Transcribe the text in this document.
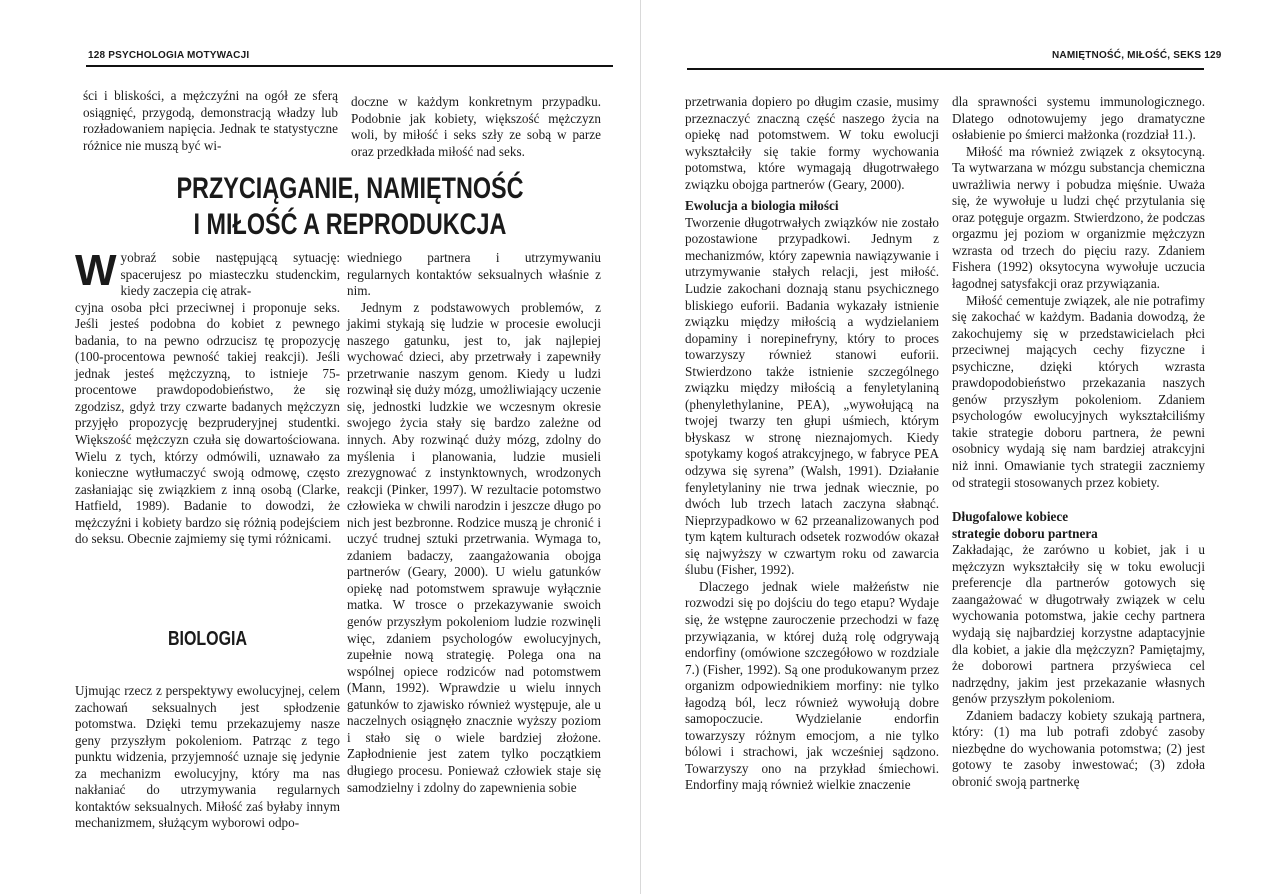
128 PSYCHOLOGIA MOTYWACJI

ści i bliskości, a mężczyźni na ogół ze sferą osiągnięć, przygodą, demonstracją władzy lub rozładowaniem napięcia. Jednak te statystyczne różnice nie muszą być wi-

doczne w każdym konkretnym przypadku. Podobnie jak kobiety, większość mężczyzn woli, by miłość i seks szły ze sobą w parze oraz przedkłada miłość nad seks.

PRZYCIĄGANIE, NAMIĘTNOŚĆ
I MIŁOŚĆ A REPRODUKCJA

Wyobraź sobie następującą sytuację: spacerujesz po miasteczku studenckim, kiedy zaczepia cię atrak-
cyjna osoba płci przeciwnej i proponuje seks. Jeśli jesteś podobna do kobiet z pewnego badania, to na pewno odrzucisz tę propozycję (100-procentowa pewność takiej reakcji). Jeśli jednak jesteś mężczyzną, to istnieje 75-procentowe prawdopodobieństwo, że się zgodzisz, gdyż trzy czwarte badanych mężczyzn przyjęło propozycję bezpruderyjnej studentki. Większość mężczyzn czuła się dowartościowana. Wielu z tych, którzy odmówili, uznawało za konieczne wytłumaczyć swoją odmowę, często zasłaniając się związkiem z inną osobą (Clarke, Hatfield, 1989). Badanie to dowodzi, że mężczyźni i kobiety bardzo się różnią podejściem do seksu. Obecnie zajmiemy się tymi różnicami.

BIOLOGIA

Ujmując rzecz z perspektywy ewolucyjnej, celem zachowań seksualnych jest spłodzenie potomstwa. Dzięki temu przekazujemy nasze geny przyszłym pokoleniom. Patrząc z tego punktu widzenia, przyjemność uznaje się jedynie za mechanizm ewolucyjny, który ma nas nakłaniać do utrzymywania regularnych kontaktów seksualnych. Miłość zaś byłaby innym mechanizmem, służącym wyborowi odpo-

wiedniego partnera i utrzymywaniu regularnych kontaktów seksualnych właśnie z nim.

Jednym z podstawowych problemów, z jakimi stykają się ludzie w procesie ewolucji naszego gatunku, jest to, jak najlepiej wychować dzieci, aby przetrwały i zapewniły przetrwanie naszym genom. Kiedy u ludzi rozwinął się duży mózg, umożliwiający uczenie się, jednostki ludzkie we wczesnym okresie swojego życia stały się bardzo zależne od innych. Aby rozwinąć duży mózg, zdolny do myślenia i planowania, ludzie musieli zrezygnować z instynktownych, wrodzonych reakcji (Pinker, 1997). W rezultacie potomstwo człowieka w chwili narodzin i jeszcze długo po nich jest bezbronne. Rodzice muszą je chronić i uczyć trudnej sztuki przetrwania. Wymaga to, zdaniem badaczy, zaangażowania obojga partnerów (Geary, 2000). U wielu gatunków opiekę nad potomstwem sprawuje wyłącznie matka. W trosce o przekazywanie swoich genów przyszłym pokoleniom ludzie rozwinęli więc, zdaniem psychologów ewolucyjnych, zupełnie nową strategię. Polega ona na wspólnej opiece rodziców nad potomstwem (Mann, 1992). Wprawdzie u wielu innych gatunków to zjawisko również występuje, ale u naczelnych osiągnęło znacznie wyższy poziom i stało się o wiele bardziej złożone. Zapłodnienie jest zatem tylko początkiem długiego procesu. Ponieważ człowiek staje się samodzielny i zdolny do zapewnienia sobie

NAMIĘTNOŚĆ, MIŁOŚĆ, SEKS 129

przetrwania dopiero po długim czasie, musimy przeznaczyć znaczną część naszego życia na opiekę nad potomstwem. W toku ewolucji wykształciły się takie formy wychowania potomstwa, które wymagają długotrwałego związku obojga partnerów (Geary, 2000).

Ewolucja a biologia miłości

Tworzenie długotrwałych związków nie zostało pozostawione przypadkowi. Jednym z mechanizmów, który zapewnia nawiązywanie i utrzymywanie stałych relacji, jest miłość. Ludzie zakochani doznają stanu psychicznego bliskiego euforii. Badania wykazały istnienie związku między miłością a wydzielaniem dopaminy i norepinefryny, który to proces towarzyszy również stanowi euforii. Stwierdzono także istnienie szczególnego związku między miłością a fenyletylaniną (phenylethylanine, PEA), „wywołującą na twojej twarzy ten głupi uśmiech, którym błyskasz w stronę nieznajomych. Kiedy spotykamy kogoś atrakcyjnego, w fabryce PEA odzywa się syrena” (Walsh, 1991). Działanie fenyletylaniny nie trwa jednak wiecznie, po dwóch lub trzech latach zaczyna słabnąć. Nieprzypadkowo w 62 przeanalizowanych pod tym kątem kulturach odsetek rozwodów okazał się najwyższy w czwartym roku od zawarcia ślubu (Fisher, 1992).

Dlaczego jednak wiele małżeństw nie rozwodzi się po dojściu do tego etapu? Wydaje się, że wstępne zauroczenie przechodzi w fazę przywiązania, w której dużą rolę odgrywają endorfiny (omówione szczegółowo w rozdziale 7.) (Fisher, 1992). Są one produkowanym przez organizm odpowiednikiem morfiny: nie tylko łagodzą ból, lecz również wywołują dobre samopoczucie. Wydzielanie endorfin towarzyszy różnym emocjom, a nie tylko bólowi i strachowi, jak wcześniej sądzono. Towarzyszy ono na przykład śmiechowi. Endorfiny mają również wielkie znaczenie

dla sprawności systemu immunologicznego. Dlatego odnotowujemy jego dramatyczne osłabienie po śmierci małżonka (rozdział 11.).

Miłość ma również związek z oksytocyną. Ta wytwarzana w mózgu substancja chemiczna uwrażliwia nerwy i pobudza mięśnie. Uważa się, że wywołuje u ludzi chęć przytulania się oraz potęguje orgazm. Stwierdzono, że podczas orgazmu jej poziom w organizmie mężczyzn wzrasta od trzech do pięciu razy. Zdaniem Fishera (1992) oksytocyna wywołuje uczucia łagodnej satysfakcji oraz przywiązania.

Miłość cementuje związek, ale nie potrafimy się zakochać w każdym. Badania dowodzą, że zakochujemy się w przedstawicielach płci przeciwnej mających cechy fizyczne i psychiczne, dzięki których wzrasta prawdopodobieństwo przekazania naszych genów przyszłym pokoleniom. Zdaniem psychologów ewolucyjnych wykształciliśmy takie strategie doboru partnera, że pewni osobnicy wydają się nam bardziej atrakcyjni niż inni. Omawianie tych strategii zaczniemy od strategii stosowanych przez kobiety.

Długofalowe kobiece
strategie doboru partnera

Zakładając, że zarówno u kobiet, jak i u mężczyzn wykształciły się w toku ewolucji preferencje dla partnerów gotowych się zaangażować w długotrwały związek w celu wychowania potomstwa, jakie cechy partnera wydają się najbardziej korzystne adaptacyjnie dla kobiet, a jakie dla mężczyzn? Pamiętajmy, że doborowi partnera przyświeca cel nadrzędny, jakim jest przekazanie własnych genów przyszłym pokoleniom.

Zdaniem badaczy kobiety szukają partnera, który: (1) ma lub potrafi zdobyć zasoby niezbędne do wychowania potomstwa; (2) jest gotowy te zasoby inwestować; (3) zdoła obronić swoją partnerkę
